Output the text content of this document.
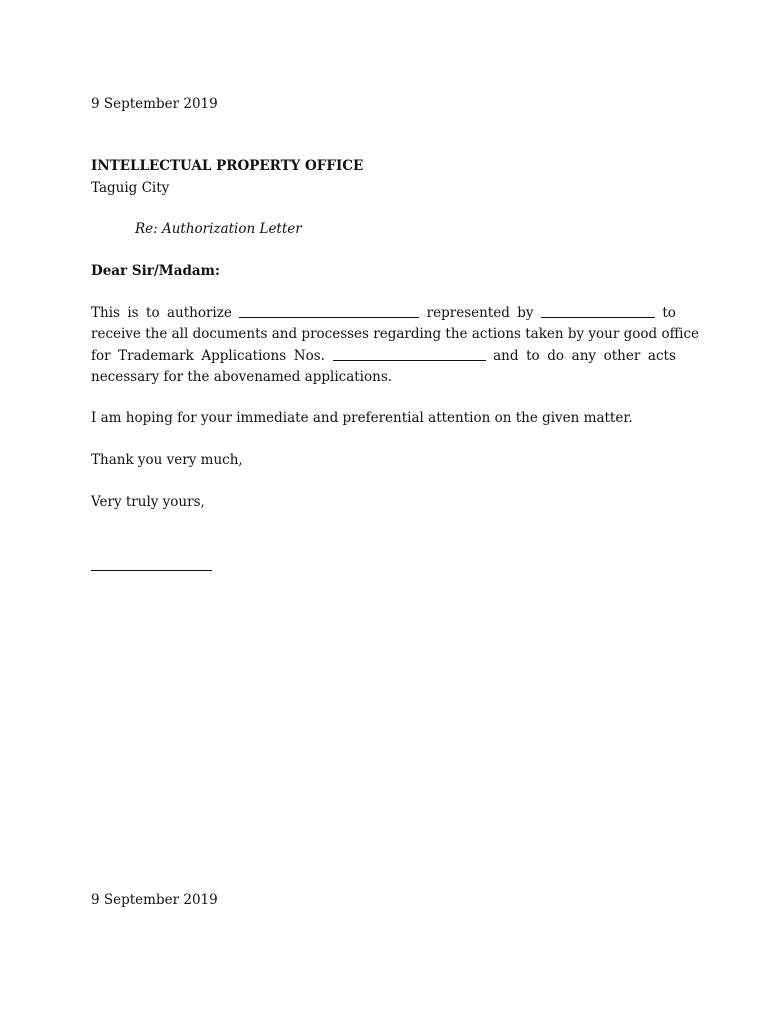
9 September 2019
INTELLECTUAL PROPERTY OFFICE
Taguig City
Re: Authorization Letter
Dear Sir/Madam:
This is to authorize	represented by	to
receive the all documents and processes regarding the actions taken by your good office
for Trademark Applications Nos.	and to do any other acts
necessary for the abovenamed applications.
I am hoping for your immediate and preferential attention on the given matter.
Thank you very much,
Very truly yours,
9 September 2019
